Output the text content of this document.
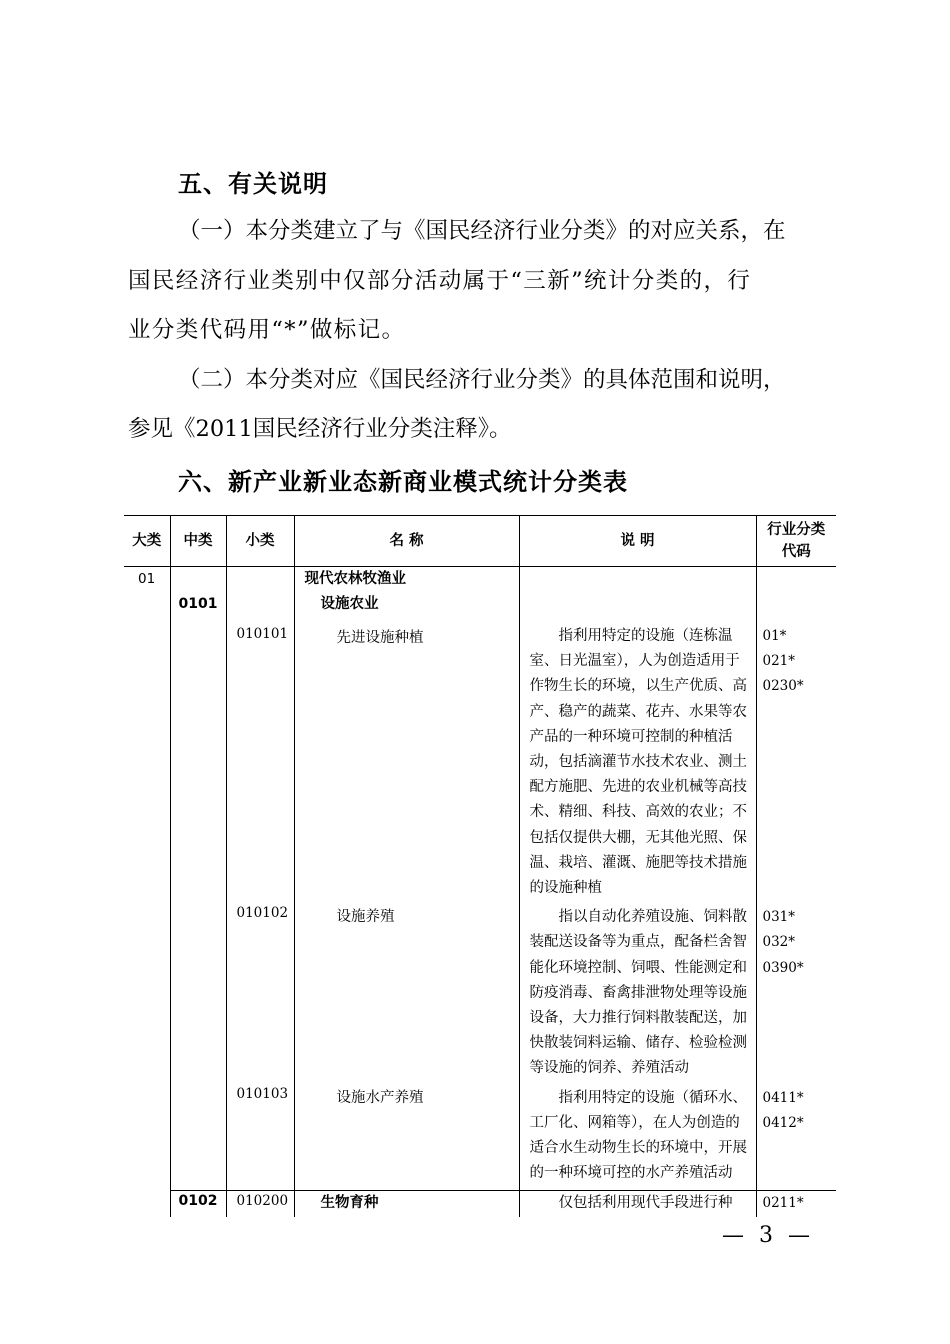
五、有关说明
（一）本分类建立了与《国民经济行业分类》的对应关系，在
国民经济行业类别中仅部分活动属于“三新”统计分类的，行
业分类代码用“*”做标记。
（二）本分类对应《国民经济行业分类》的具体范围和说明，
参见《2011国民经济行业分类注释》。
六、新产业新业态新商业模式统计分类表
大类	中类	小类	名 称	说 明	行业分类代码
01			现代农林牧渔业		
	0101		设施农业		
		010101	先进设施种植	指利用特定的设施（连栋温室、日光温室），人为创造适用于作物生长的环境，以生产优质、高产、稳产的蔬菜、花卉、水果等农产品的一种环境可控制的种植活动，包括滴灌节水技术农业、测土配方施肥、先进的农业机械等高技术、精细、科技、高效的农业；不包括仅提供大棚，无其他光照、保温、栽培、灌溉、施肥等技术措施的设施种植	01*
021*
0230*

		010102	设施养殖	指以自动化养殖设施、饲料散装配送设备等为重点，配备栏舍智能化环境控制、饲喂、性能测定和防疫消毒、畜禽排泄物处理等设施设备，大力推行饲料散装配送，加快散装饲料运输、储存、检验检测等设施的饲养、养殖活动	031*
032*
0390*

		010103	设施水产养殖	指利用特定的设施（循环水、工厂化、网箱等），在人为创造的适合水生动物生长的环境中，开展的一种环境可控的水产养殖活动	0411*
0412*

	0102	010200	生物育种	仅包括利用现代手段进行种	0211*
— 3 —
